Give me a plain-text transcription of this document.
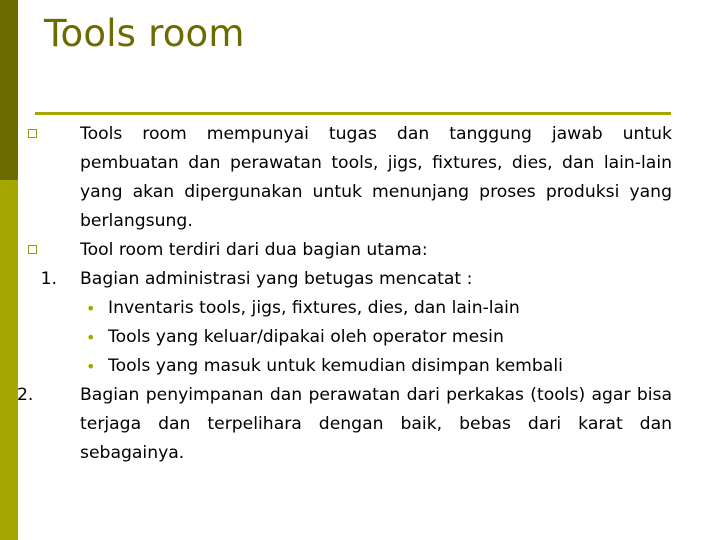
Tools room
Tools room mempunyai tugas dan tanggung jawab untuk pembuatan dan perawatan tools, jigs, fixtures, dies, dan lain-lain yang akan dipergunakan untuk menunjang proses produksi yang berlangsung.
Tool room terdiri dari dua bagian utama:
1. Bagian administrasi yang betugas mencatat :
• Inventaris tools, jigs, fixtures, dies, dan lain-lain
• Tools yang keluar/dipakai oleh operator mesin
• Tools yang masuk untuk kemudian disimpan kembali
2.	Bagian penyimpanan dan perawatan dari perkakas (tools) agar bisa terjaga dan terpelihara dengan baik, bebas dari karat dan sebagainya.
